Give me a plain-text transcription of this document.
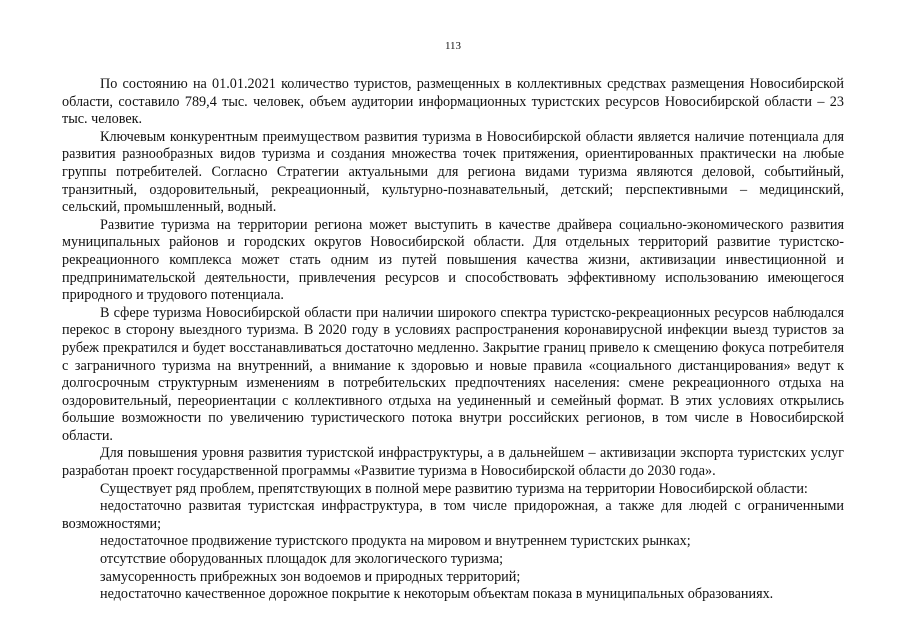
113

По состоянию на 01.01.2021 количество туристов, размещенных в коллективных средствах размещения Новосибирской области, составило 789,4 тыс. человек, объем аудитории информационных туристских ресурсов Новосибирской области – 23 тыс. человек.

Ключевым конкурентным преимуществом развития туризма в Новосибирской области является наличие потенциала для развития разнообразных видов туризма и создания множества точек притяжения, ориентированных практически на любые группы потребителей. Согласно Стратегии актуальными для региона видами туризма являются деловой, событийный, транзитный, оздоровительный, рекреационный, культурно-познавательный, детский; перспективными – медицинский, сельский, промышленный, водный.

Развитие туризма на территории региона может выступить в качестве драйвера социально-экономического развития муниципальных районов и городских округов Новосибирской области. Для отдельных территорий развитие туристско-рекреационного комплекса может стать одним из путей повышения качества жизни, активизации инвестиционной и предпринимательской деятельности, привлечения ресурсов и способствовать эффективному использованию имеющегося природного и трудового потенциала.

В сфере туризма Новосибирской области при наличии широкого спектра туристско-рекреационных ресурсов наблюдался перекос в сторону выездного туризма. В 2020 году в условиях распространения коронавирусной инфекции выезд туристов за рубеж прекратился и будет восстанавливаться достаточно медленно. Закрытие границ привело к смещению фокуса потребителя с заграничного туризма на внутренний, а внимание к здоровью и новые правила «социального дистанцирования» ведут к долгосрочным структурным изменениям в потребительских предпочтениях населения: смене рекреационного отдыха на оздоровительный, переориентации с коллективного отдыха на уединенный и семейный формат. В этих условиях открылись большие возможности по увеличению туристического потока внутри российских регионов, в том числе в Новосибирской области.

Для повышения уровня развития туристской инфраструктуры, а в дальнейшем – активизации экспорта туристских услуг разработан проект государственной программы «Развитие туризма в Новосибирской области до 2030 года».

Существует ряд проблем, препятствующих в полной мере развитию туризма на территории Новосибирской области:

недостаточно развитая туристская инфраструктура, в том числе придорожная, а также для людей с ограниченными возможностями;

недостаточное продвижение туристского продукта на мировом и внутреннем туристских рынках;

отсутствие оборудованных площадок для экологического туризма;

замусоренность прибрежных зон водоемов и природных территорий;

недостаточно качественное дорожное покрытие к некоторым объектам показа в муниципальных образованиях.
